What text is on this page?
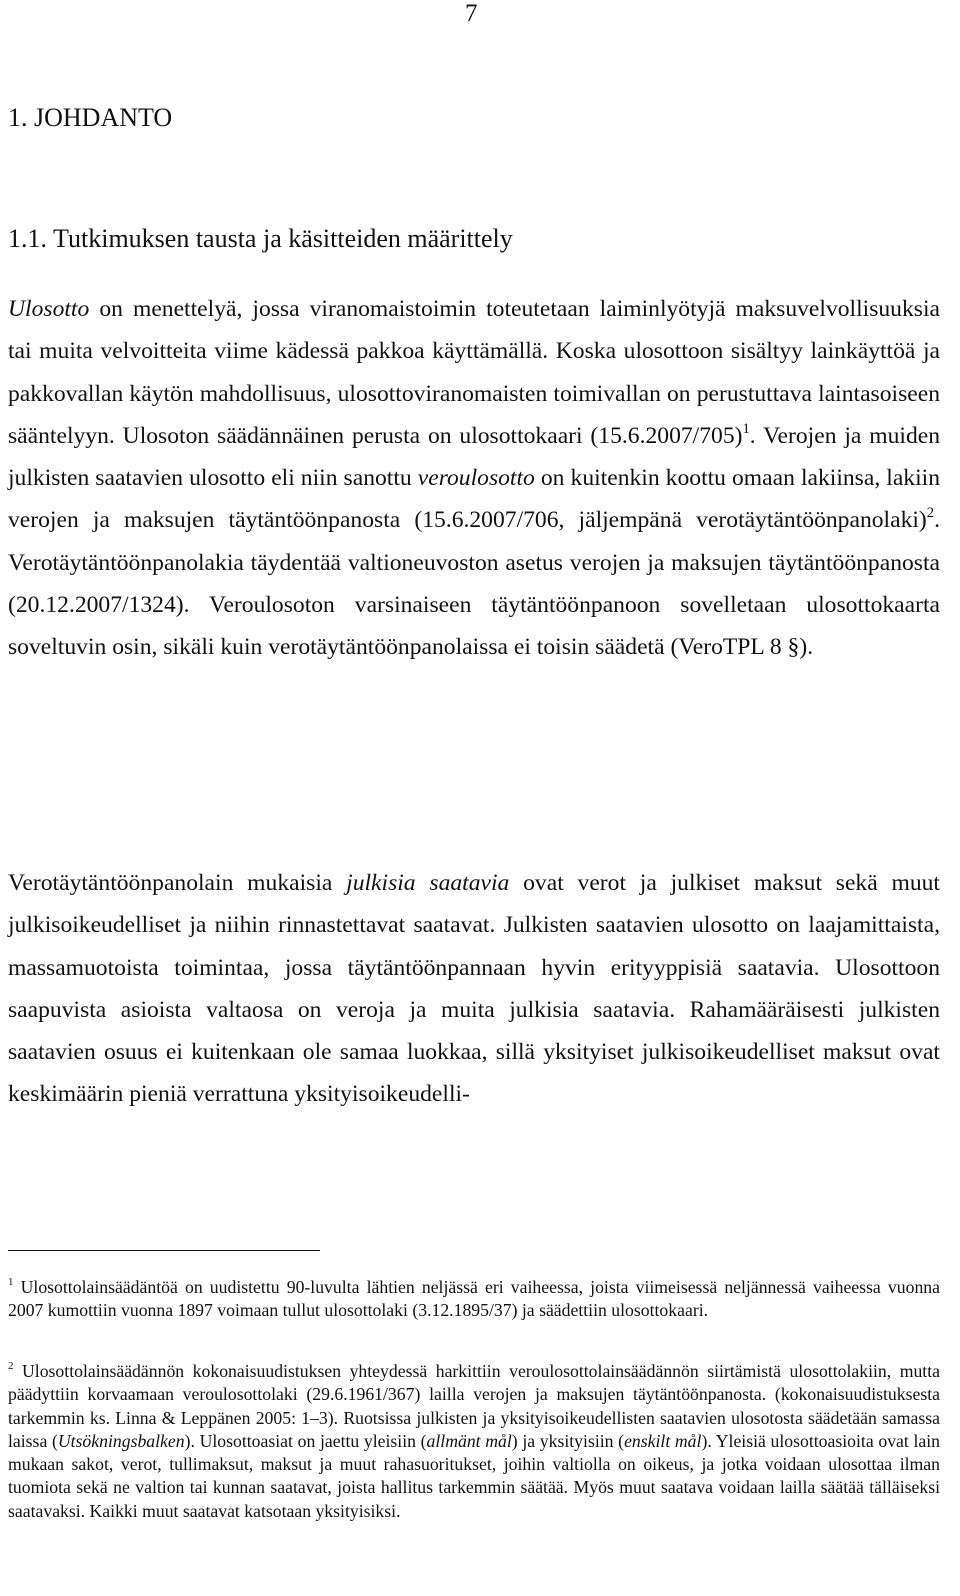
7
1. JOHDANTO
1.1. Tutkimuksen tausta ja käsitteiden määrittely

Ulosotto on menettelyä, jossa viranomaistoimin toteutetaan laiminlyötyjä maksuvelvollisuuksia tai muita velvoitteita viime kädessä pakkoa käyttämällä. Koska ulosottoon sisältyy lainkäyttöä ja pakkovallan käytön mahdollisuus, ulosottoviranomaisten toimivallan on perustuttava laintasoiseen sääntelyyn. Ulosoton säädännäinen perusta on ulosottokaari $(15.6.2007/705)^1$. Verojen ja muiden julkisten saatavien ulosotto eli niin sanottu veroulosotto on kuitenkin koottu omaan lakiinsa, lakiin verojen ja maksujen täytäntöönpanosta (15.6.2007/706, jäljempänä verotäytäntöönpanolaki)$^2$. Verotäytäntöönpanolakia täydentää valtioneuvoston asetus verojen ja maksujen täytäntöönpanosta (20.12.2007/1324). Veroulosoton varsinaiseen täytäntöönpanoon sovelletaan ulosottokaarta soveltuvin osin, sikäli kuin verotäytäntöönpanolaissa ei toisin säädetä (VeroTPL 8 §).

Verotäytäntöönpanolain mukaisia julkisia saatavia ovat verot ja julkiset maksut sekä muut julkisoikeudelliset ja niihin rinnastettavat saatavat. Julkisten saatavien ulosotto on laajamittaista, massamuotoista toimintaa, jossa täytäntöönpannaan hyvin erityyppisiä saatavia. Ulosottoon saapuvista asioista valtaosa on veroja ja muita julkisia saatavia. Rahamääräisesti julkisten saatavien osuus ei kuitenkaan ole samaa luokkaa, sillä yksityiset julkisoikeudelliset maksut ovat keskimäärin pieniä verrattuna yksityisoikeudelli-

$^1$ Ulosottolainsäädäntöä on uudistettu 90-luvulta lähtien neljässä eri vaiheessa, joista viimeisessä neljännessä vaiheessa vuonna 2007 kumottiin vuonna 1897 voimaan tullut ulosottolaki (3.12.1895/37) ja säädettiin ulosottokaari.

$^2$ Ulosottolainsäädännön kokonaisuudistuksen yhteydessä harkittiin veroulosottolainsäädännön siirtämistä ulosottolakiin, mutta päädyttiin korvaamaan veroulosottolaki (29.6.1961/367) lailla verojen ja maksujen täytäntöönpanosta. (kokonaisuudistuksesta tarkemmin ks. Linna & Leppänen 2005: 1–3). Ruotsissa julkisten ja yksityisoikeudellisten saatavien ulosotosta säädetään samassa laissa (Utsökningsbalken). Ulosottoasiat on jaettu yleisiin (allmänt mål) ja yksityisiin (enskilt mål). Yleisiä ulosottoasioita ovat lain mukaan sakot, verot, tullimaksut, maksut ja muut rahasuoritukset, joihin valtiolla on oikeus, ja jotka voidaan ulosottaa ilman tuomiota sekä ne valtion tai kunnan saatavat, joista hallitus tarkemmin säätää. Myös muut saatava voidaan lailla säätää tälläiseksi saatavaksi. Kaikki muut saatavat katsotaan yksityisiksi.
